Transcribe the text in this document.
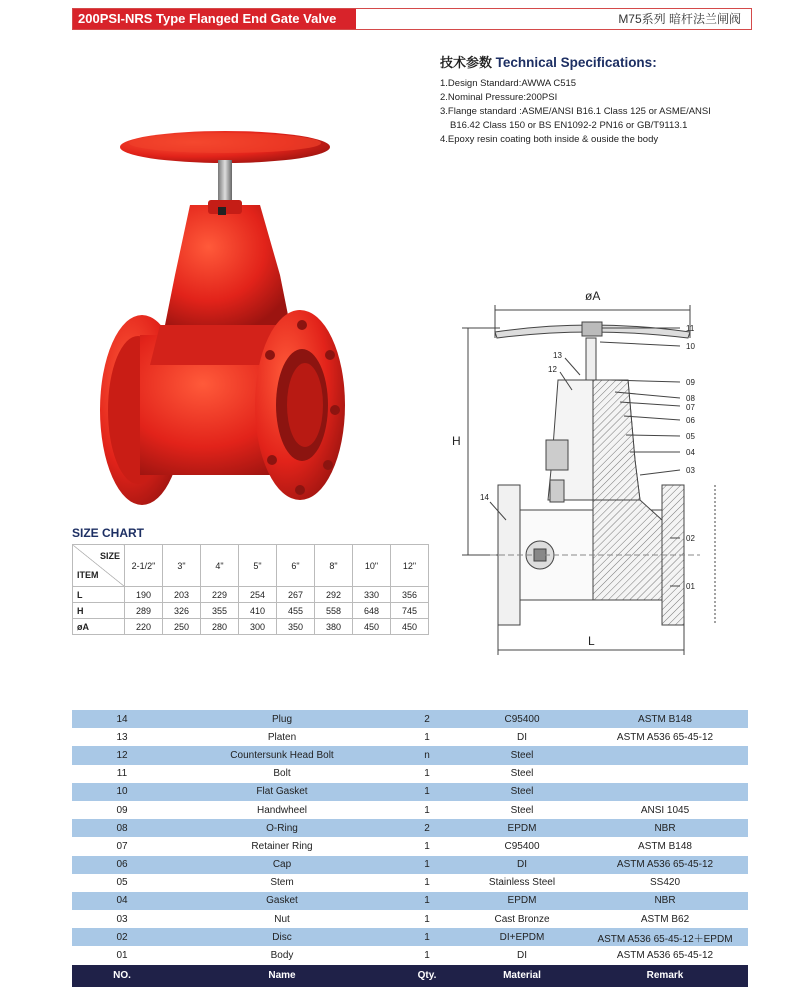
200PSI-NRS Type Flanged End Gate Valve	M75系列 暗杆法兰闸阀
技术参数 Technical Specifications:
1.Design Standard:AWWA C515
2.Nominal Pressure:200PSI
3.Flange standard :ASME/ANSI B16.1 Class 125 or ASME/ANSI
B16.42 Class 150 or BS EN1092-2 PN16 or GB/T9113.1
4.Epoxy resin coating both inside & ouside the body
SIZE CHART
SIZE
ITEM	2-1/2"	3"	4"	5"	6"	8"	10"	12"
L	190	203	229	254	267	292	330	356
H	289	326	355	410	455	558	648	745
øA	220	250	280	300	350	380	450	450
øA
H
L
11
10
13
12
09
08
07
06
05
04
03
14
02
01
14	Plug	2	C95400	ASTM B148
13	Platen	1	DI	ASTM A536 65-45-12
12	Countersunk Head Bolt	n	Steel	
11	Bolt	1	Steel	
10	Flat Gasket	1	Steel	
09	Handwheel	1	Steel	ANSI 1045
08	O-Ring	2	EPDM	NBR
07	Retainer Ring	1	C95400	ASTM B148
06	Cap	1	DI	ASTM A536 65-45-12
05	Stem	1	Stainless Steel	SS420
04	Gasket	1	EPDM	NBR
03	Nut	1	Cast Bronze	ASTM B62
02	Disc	1	DI+EPDM	ASTM A536 65-45-12＋EPDM
01	Body	1	DI	ASTM A536 65-45-12
NO.	Name	Qty.	Material	Remark
